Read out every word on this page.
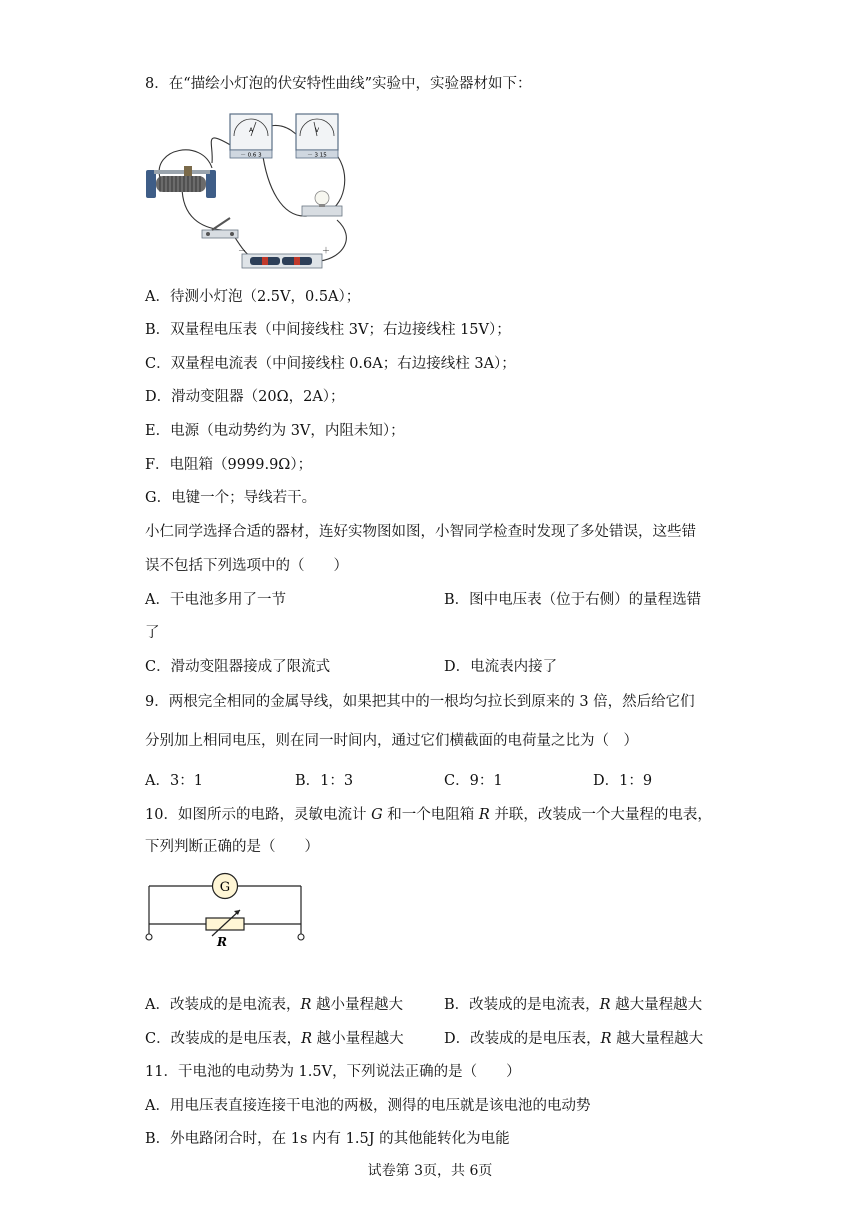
8．在“描绘小灯泡的伏安特性曲线”实验中，实验器材如下：
A
－ 0.6 3
V
－ 3 15
－	＋
A．待测小灯泡（2.5V，0.5A）；
B．双量程电压表（中间接线柱 3V；右边接线柱 15V）；
C．双量程电流表（中间接线柱 0.6A；右边接线柱 3A）；
D．滑动变阻器（20Ω，2A）；
E．电源（电动势约为 3V，内阻未知）；
F．电阻箱（9999.9Ω）；
G．电键一个；导线若干。
小仁同学选择合适的器材，连好实物图如图，小智同学检查时发现了多处错误，这些错
误不包括下列选项中的（　　）
A．干电池多用了一节	B．图中电压表（位于右侧）的量程选错
了
C．滑动变阻器接成了限流式	D．电流表内接了
9．两根完全相同的金属导线，如果把其中的一根均匀拉长到原来的 3 倍，然后给它们
分别加上相同电压，则在同一时间内，通过它们横截面的电荷量之比为（　）
A．3：1	B．1：3	C．9：1	D．1：9
10．如图所示的电路，灵敏电流计 G 和一个电阻箱 R 并联，改装成一个大量程的电表，
下列判断正确的是（　　）
G
R
A．改装成的是电流表，R 越小量程越大	B．改装成的是电流表，R 越大量程越大
C．改装成的是电压表，R 越小量程越大	D．改装成的是电压表，R 越大量程越大
11．干电池的电动势为 1.5V，下列说法正确的是（　　）
A．用电压表直接连接干电池的两极，测得的电压就是该电池的电动势
B．外电路闭合时，在 1s 内有 1.5J 的其他能转化为电能
试卷第 3页，共 6页
